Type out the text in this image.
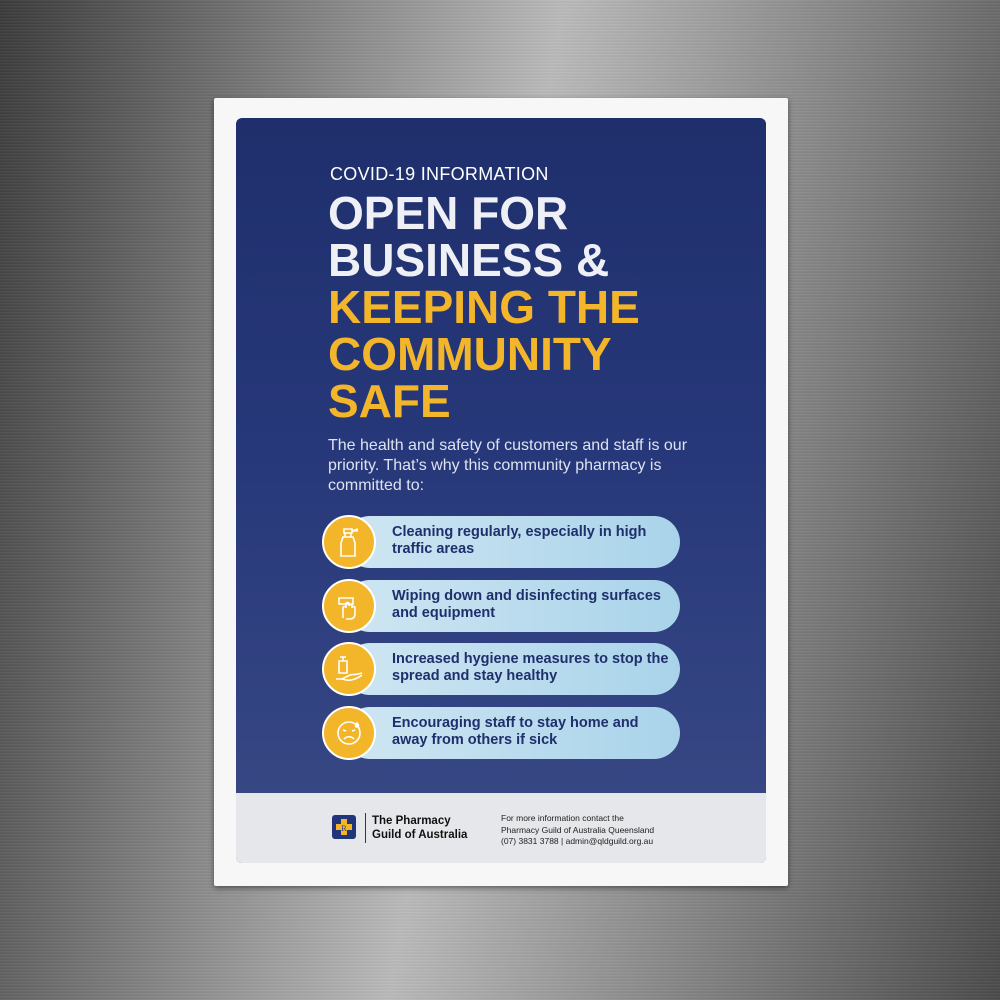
COVID-19 INFORMATION
OPEN FOR
BUSINESS &
KEEPING THE
COMMUNITY
SAFE
The health and safety of customers and staff is our priority. That’s why this community pharmacy is committed to:
Cleaning regularly, especially in high traffic areas
Wiping down and disinfecting surfaces and equipment
Increased hygiene measures to stop the spread and stay healthy
Encouraging staff to stay home and away from others if sick
R
The Pharmacy
Guild of Australia
For more information contact the
Pharmacy Guild of Australia Queensland
(07) 3831 3788 | admin@qldguild.org.au
